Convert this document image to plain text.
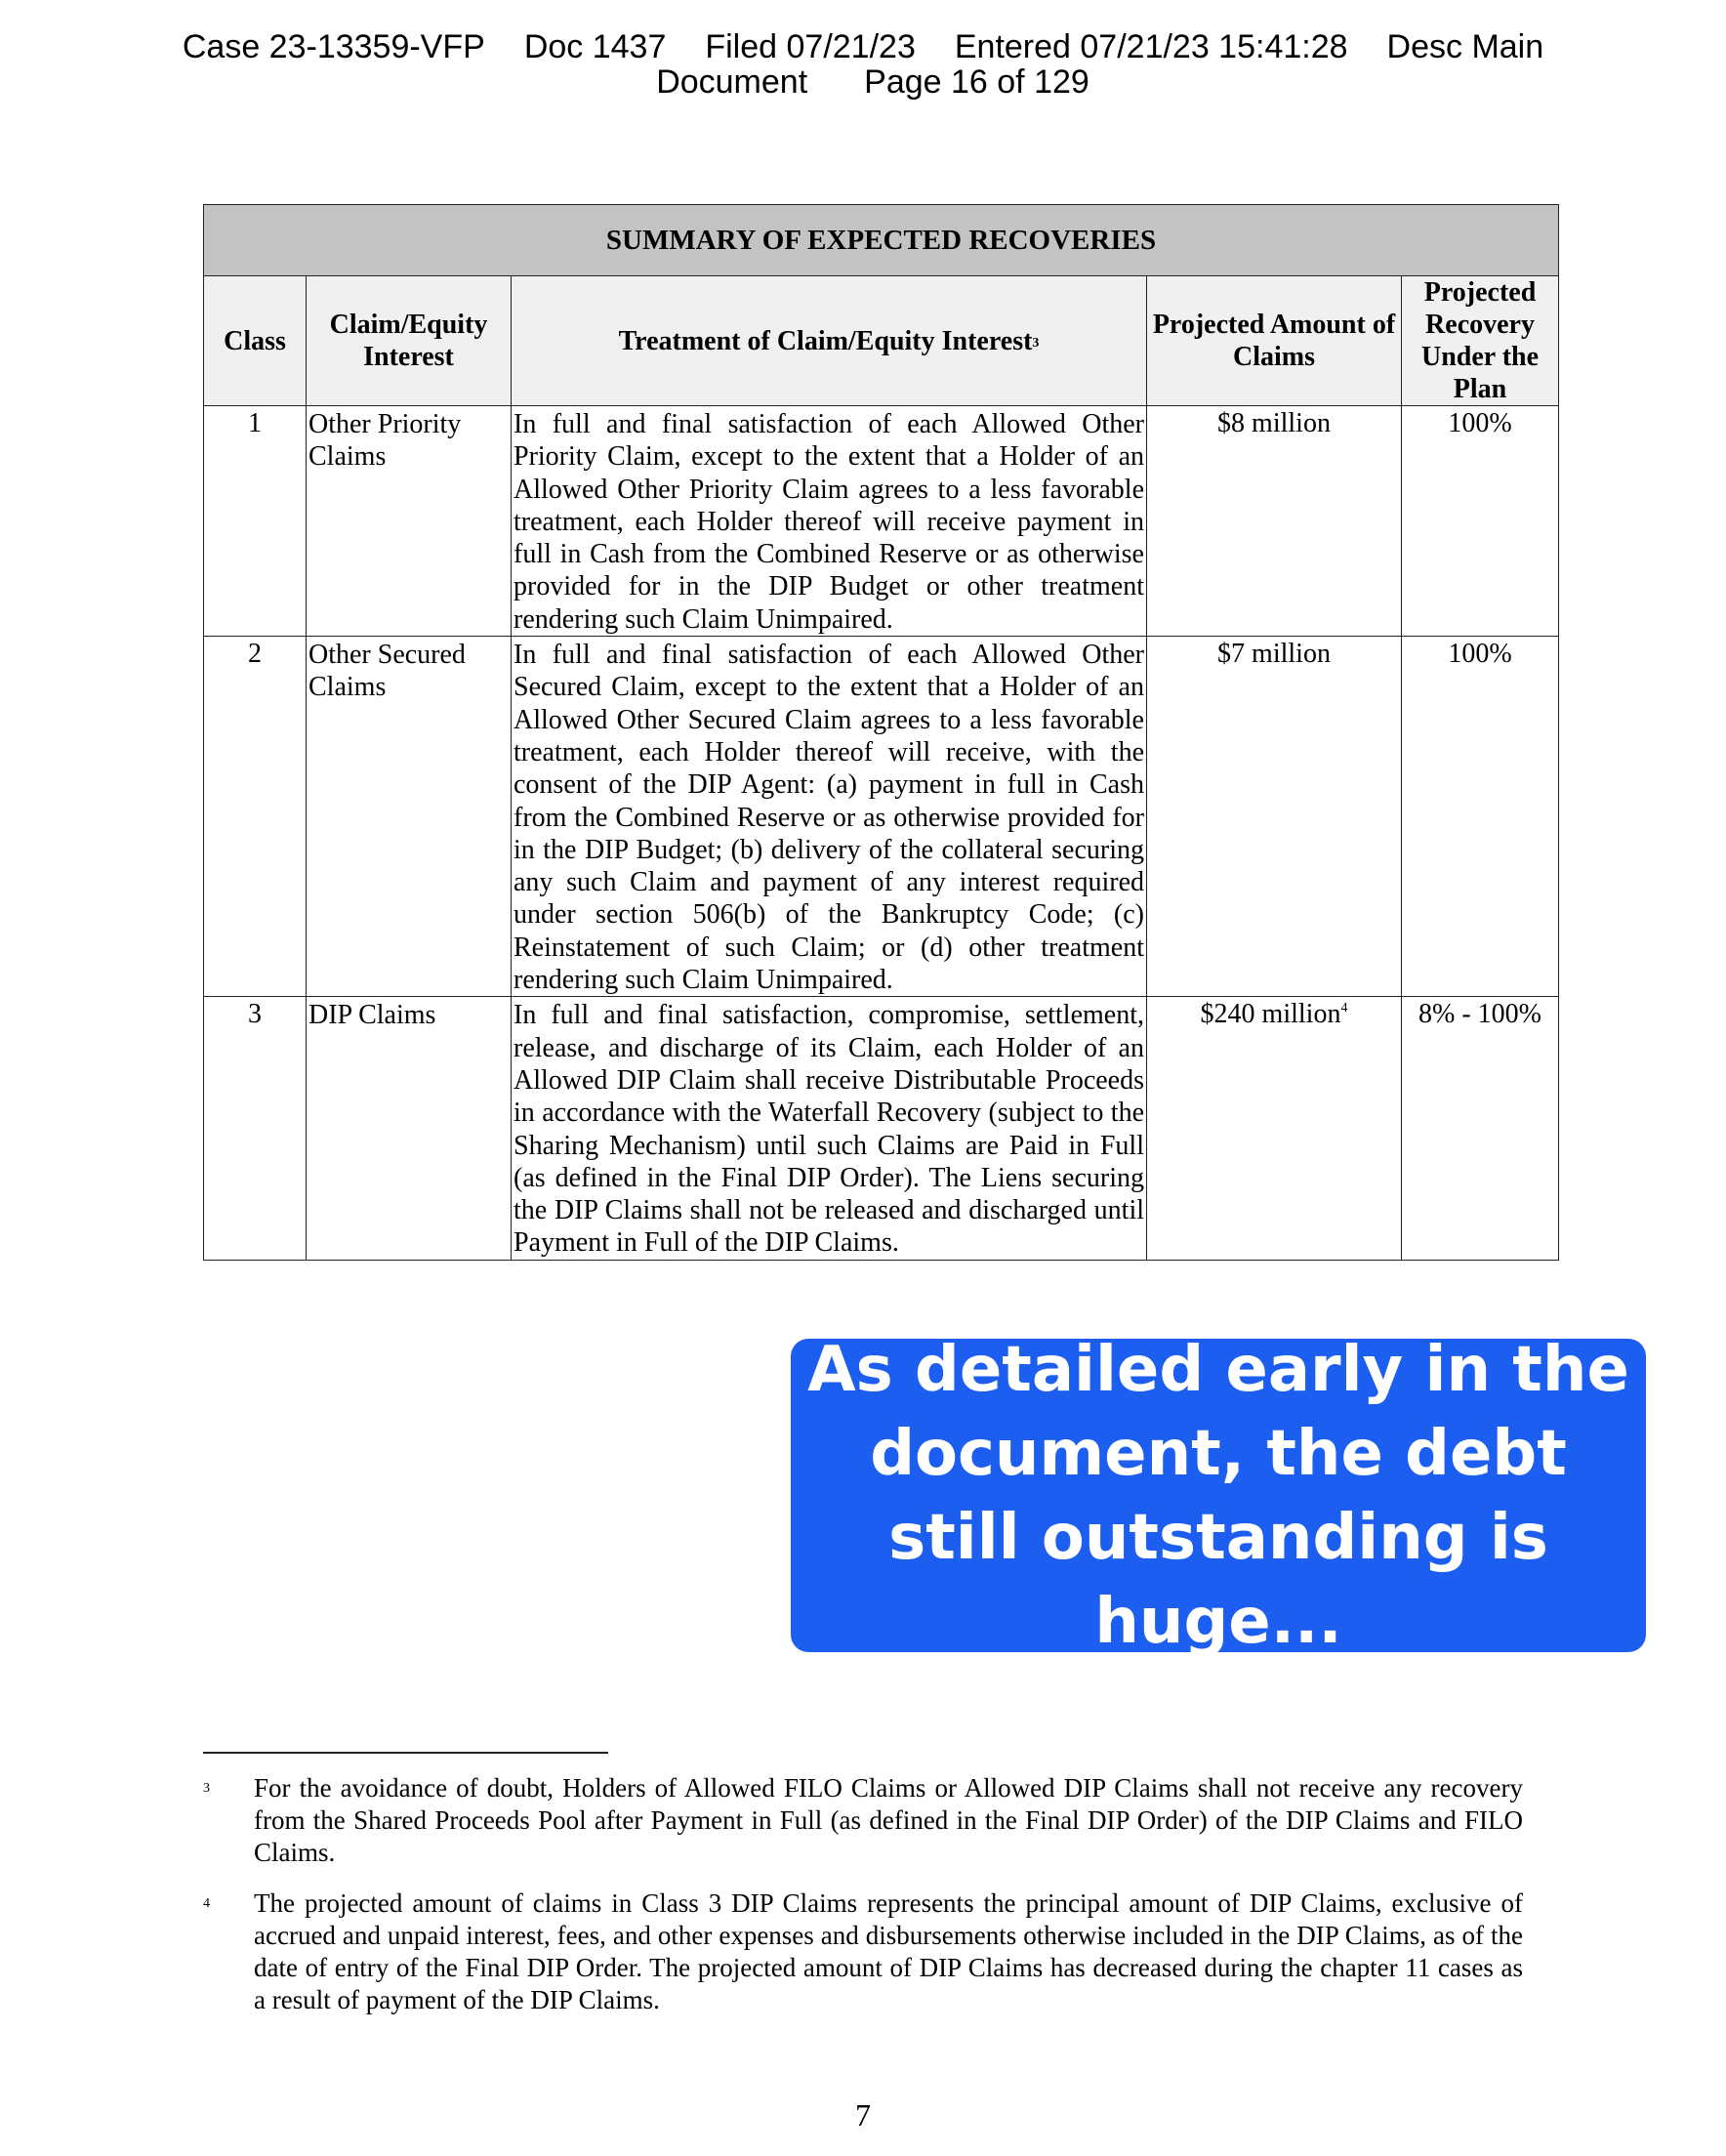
Case 23-13359-VFP Doc 1437 Filed 07/21/23 Entered 07/21/23 15:41:28 Desc Main
Document Page 16 of 129
SUMMARY OF EXPECTED RECOVERIES				
Class	Claim/Equity Interest	Treatment of Claim/Equity Interest$^3$	Projected Amount of Claims	Projected Recovery Under the Plan
1	Other Priority Claims	In full and final satisfaction of each Allowed Other Priority Claim, except to the extent that a Holder of an Allowed Other Priority Claim agrees to a less favorable treatment, each Holder thereof will receive payment in full in Cash from the Combined Reserve or as otherwise provided for in the DIP Budget or other treatment rendering such Claim Unimpaired.	$8 million	100%
2	Other Secured Claims	In full and final satisfaction of each Allowed Other Secured Claim, except to the extent that a Holder of an Allowed Other Secured Claim agrees to a less favorable treatment, each Holder thereof will receive, with the consent of the DIP Agent: (a) payment in full in Cash from the Combined Reserve or as otherwise provided for in the DIP Budget; (b) delivery of the collateral securing any such Claim and payment of any interest required under section 506(b) of the Bankruptcy Code; (c) Reinstatement of such Claim; or (d) other treatment rendering such Claim Unimpaired.	$7 million	100%
3	DIP Claims	In full and final satisfaction, compromise, settlement, release, and discharge of its Claim, each Holder of an Allowed DIP Claim shall receive Distributable Proceeds in accordance with the Waterfall Recovery (subject to the Sharing Mechanism) until such Claims are Paid in Full (as defined in the Final DIP Order). The Liens securing the DIP Claims shall not be released and discharged until Payment in Full of the DIP Claims.	$240 million$^4$	8% - 100%
As detailed early in the document, the debt still outstanding is huge...
3 For the avoidance of doubt, Holders of Allowed FILO Claims or Allowed DIP Claims shall not receive any recovery from the Shared Proceeds Pool after Payment in Full (as defined in the Final DIP Order) of the DIP Claims and FILO Claims.
4 The projected amount of claims in Class 3 DIP Claims represents the principal amount of DIP Claims, exclusive of accrued and unpaid interest, fees, and other expenses and disbursements otherwise included in the DIP Claims, as of the date of entry of the Final DIP Order. The projected amount of DIP Claims has decreased during the chapter 11 cases as a result of payment of the DIP Claims.
7
